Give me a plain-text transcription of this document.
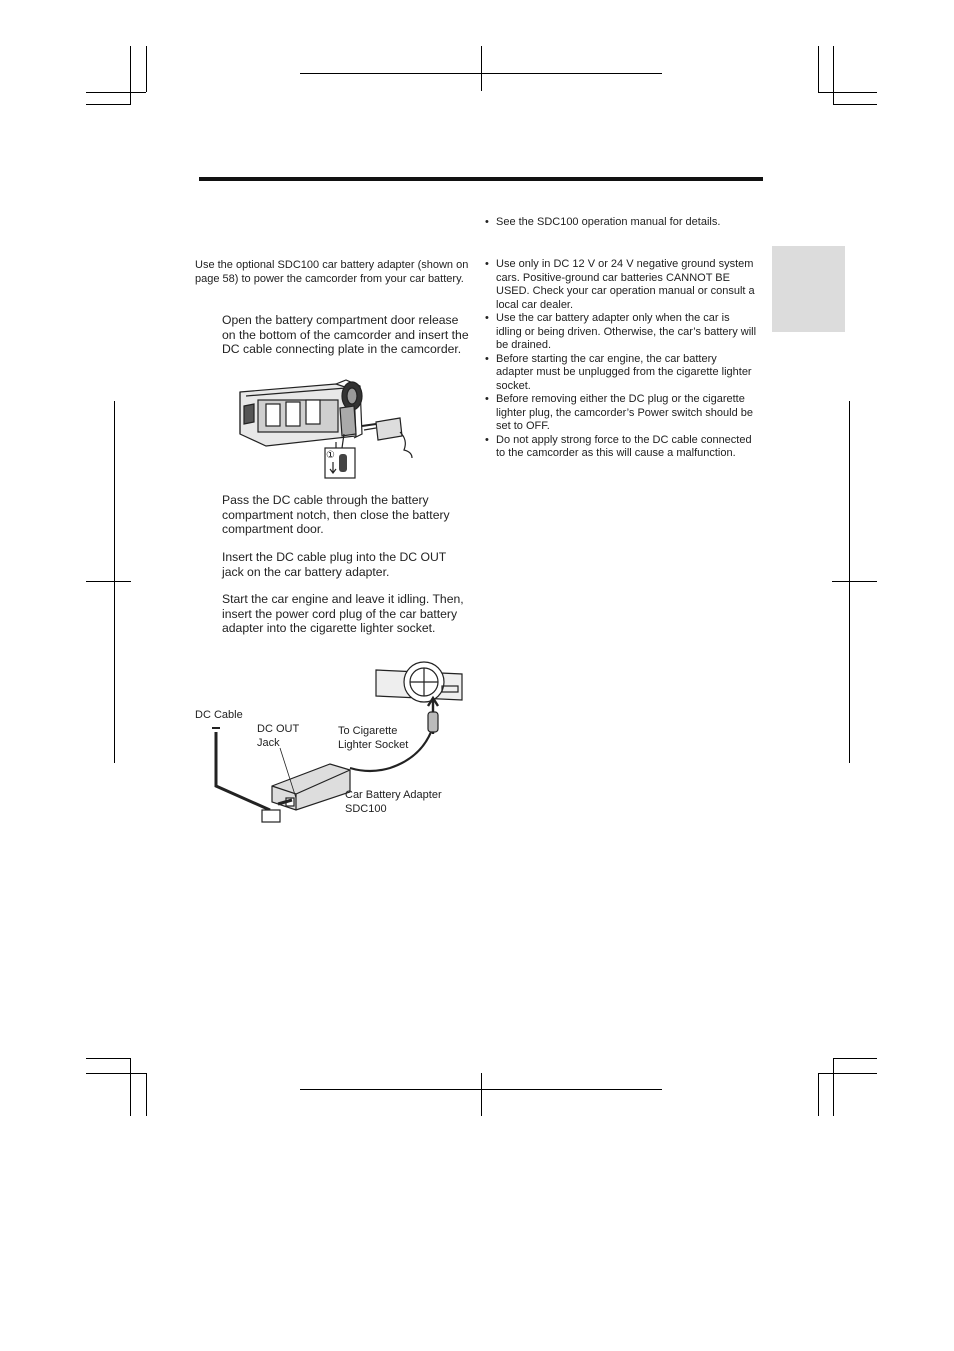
Use the optional SDC100 car battery adapter (shown on page 58) to power the camcorder from your car battery.

Open the battery compartment door release on the bottom of the camcorder and insert the DC cable connecting plate in the camcorder.

①

Pass the DC cable through the battery compartment notch, then close the battery compartment door.

Insert the DC cable plug into the DC OUT jack on the car battery adapter.

Start the car engine and leave it idling. Then, insert the power cord plug of the car battery adapter into the cigarette lighter socket.

DC Cable
DC OUT
Jack
To Cigarette
Lighter Socket
Car Battery Adapter
SDC100
• See the SDC100 operation manual for details.
• Use only in DC 12 V or 24 V negative ground system cars. Positive-ground car batteries CANNOT BE USED. Check your car operation manual or consult a local car dealer.
• Use the car battery adapter only when the car is idling or being driven. Otherwise, the car’s battery will be drained.
• Before starting the car engine, the car battery adapter must be unplugged from the cigarette lighter socket.
• Before removing either the DC plug or the cigarette lighter plug, the camcorder’s Power switch should be set to OFF.
• Do not apply strong force to the DC cable connected to the camcorder as this will cause a malfunction.
